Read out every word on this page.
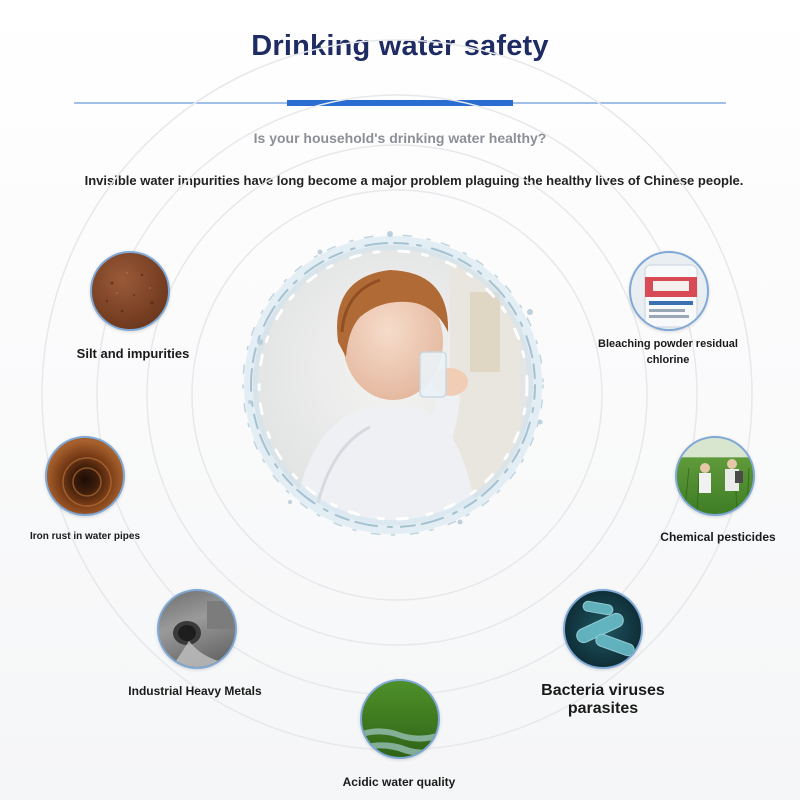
Drinking water safety
Is your household's drinking water healthy?
Invisible water impurities have long become a major problem plaguing the healthy lives of Chinese people.
Silt and impurities
Bleaching powder residual
chlorine
Iron rust in water pipes	Chemical pesticides
Industrial Heavy Metals	Bacteria viruses parasites
Acidic water quality
